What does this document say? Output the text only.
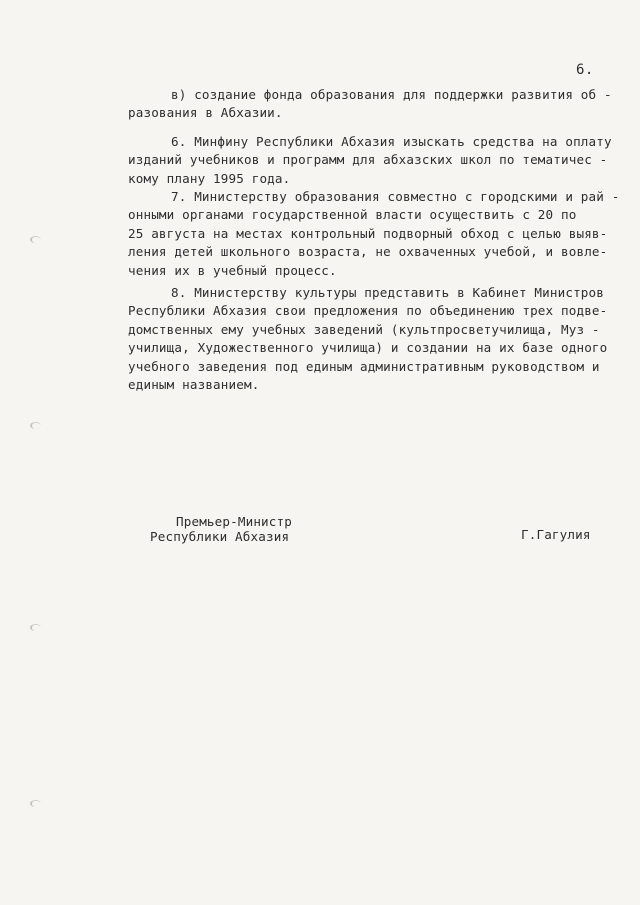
6.

в) создание фонда образования для поддержки развития об -
разования в Абхазии.

6. Минфину Республики Абхазия изыскать средства на оплату
изданий учебников и программ для абхазских школ по тематичес -
кому плану 1995 года.

7. Министерству образования совместно с городскими и рай -
онными органами государственной власти осуществить с 20 по
25 августа на местах контрольный подворный обход с целью выяв-
ления детей школьного возраста, не охваченных учебой, и вовле-
чения их в учебный процесс.

8. Министерству культуры представить в Кабинет Министров
Республики Абхазия свои предложения по объединению трех подве-
домственных ему учебных заведений (культпросветучилища, Муз -
училища, Художественного училища) и создании на их базе одного
учебного заведения под единым административным руководством и
единым названием.

Премьер-Министр
Республики Абхазия	Г.Гагулия
